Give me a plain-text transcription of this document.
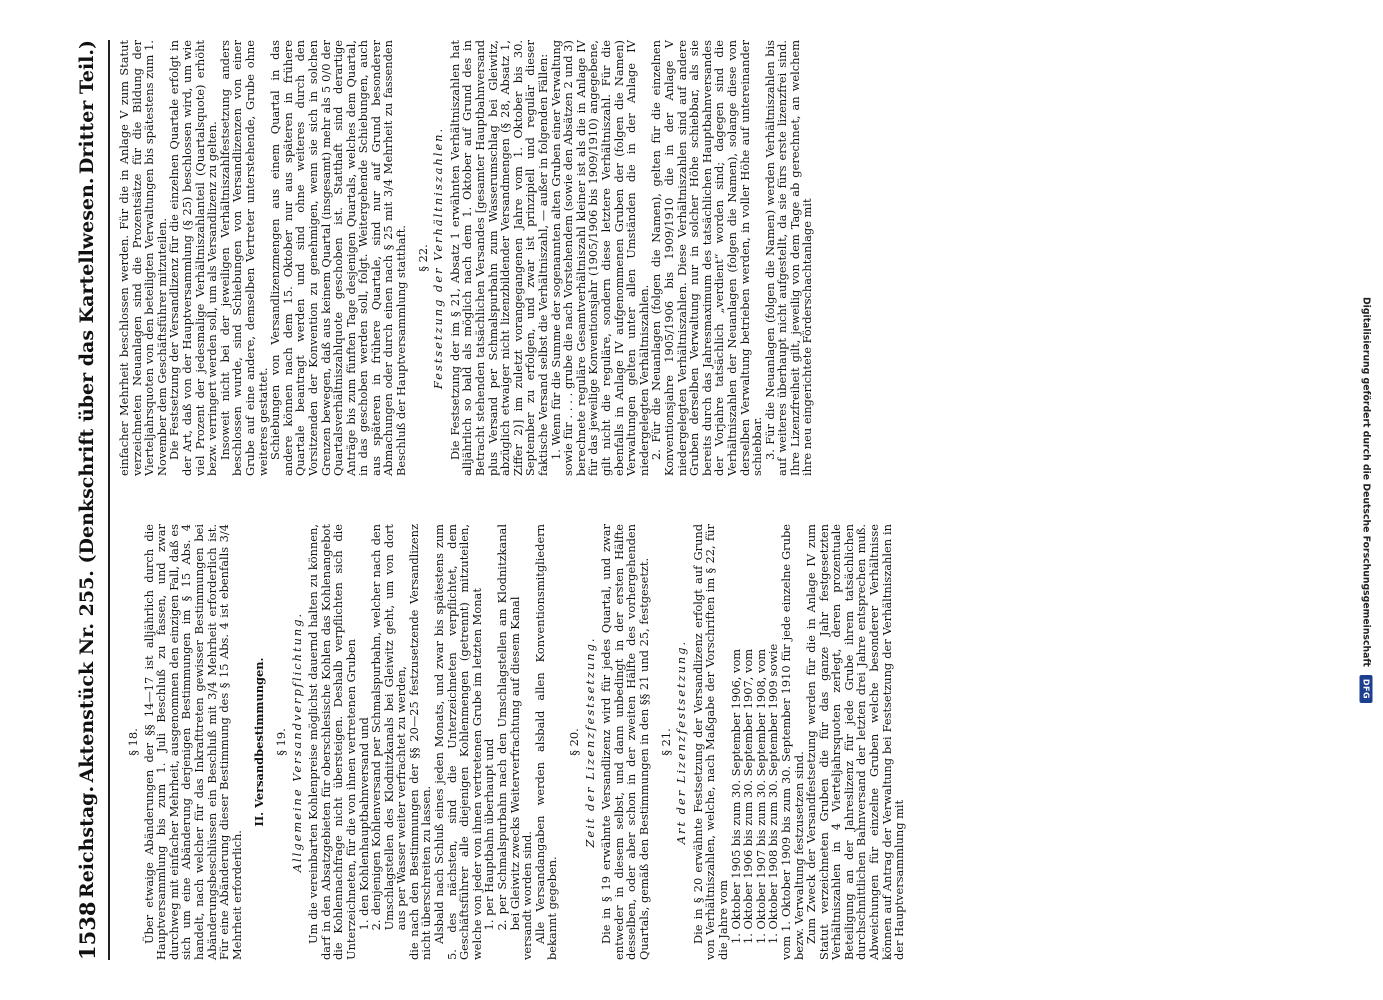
1538
Reichstag.
Aktenstück Nr. 255. (Denkschrift über das Kartellwesen.
Dritter Teil.)
§ 18. Über etwaige Abänderungen der §§ 14—17 ist alljährlich durch die Hauptversammlung bis zum 1. Juli Beschluß zu fassen, und zwar durchweg mit einfacher Mehrheit, ausgenommen den einzigen Fall, daß es sich um eine Abänderung derjenigen Bestimmungen im § 15 Abs. 4 handelt, nach welcher für das Inkrafttreten gewisser Bestimmungen bei Abänderungsbeschlüssen ein Beschluß mit 3/4 Mehrheit erforderlich ist. Für eine Abänderung dieser Bestimmung des § 15 Abs. 4 ist ebenfalls 3/4 Mehrheit erforderlich.

II. Versandbestimmungen. § 19. Allgemeine Versandverpflichtung. Um die vereinbarten Kohlenpreise möglichst dauernd halten zu können, darf in den Absatzgebieten für oberschlesische Kohlen das Kohlenangebot die Kohlennachfrage nicht übersteigen. Deshalb verpflichten sich die Unterzeichneten, für die von ihnen vertretenen Gruben

1. den Kohlenhauptbahnversand und

2. denjenigen Kohlenversand per Schmalspurbahn, welcher nach den Umschlagstellen des Klodnitzkanals bei Gleiwitz geht, um von dort aus per Wasser weiter verfrachtet zu werden,

die nach den Bestimmungen der §§ 20—25 festzusetzende Versandlizenz nicht überschreiten zu lassen.

Alsbald nach Schluß eines jeden Monats, und zwar bis spätestens zum 5. des nächsten, sind die Unterzeichneten verpflichtet, dem Geschäftsführer alle diejenigen Kohlenmengen (getrennt) mitzuteilen, welche von jeder von ihnen vertretenen Grube im letzten Monat

1. per Hauptbahn überhaupt und

2. per Schmalspurbahn nach den Umschlagstellen am Klodnitzkanal bei Gleiwitz zwecks Weiterverfrachtung auf diesem Kanal

versandt worden sind.

Alle Versandangaben werden alsbald allen Konventionsmitgliedern bekannt gegeben.

§ 20. Zeit der Lizenzfestsetzung. Die in § 19 erwähnte Versandlizenz wird für jedes Quartal, und zwar entweder in diesem selbst, und dann unbedingt in der ersten Hälfte desselben, oder aber schon in der zweiten Hälfte des vorhergehenden Quartals, gemäß den Bestimmungen in den §§ 21 und 25, festgesetzt. § 21. Art der Lizenzfestsetzung. Die in § 20 erwähnte Festsetzung der Versandlizenz erfolgt auf Grund von Verhältniszahlen, welche, nach Maßgabe der Vorschriften im § 22, für die Jahre vom

1. Oktober 1905 bis zum 30. September 1906, vom

1. Oktober 1906 bis zum 30. September 1907, vom

1. Oktober 1907 bis zum 30. September 1908, vom

1. Oktober 1908 bis zum 30. September 1909 sowie

vom 1. Oktober 1909 bis zum 30. September 1910 für jede einzelne Grube bezw. Verwaltung festzusetzen sind.

Zum Zweck der Versandfestsetzung werden für die in Anlage IV zum Statut verzeichneten Gruben die für das ganze Jahr festgesetzten Verhältniszahlen in 4 Vierteljahrsquoten zerlegt, deren prozentuale Beteiligung an der Jahreslizenz für jede Grube ihrem tatsächlichen durchschnittlichen Bahnversand der letzten drei Jahre entsprechen muß. Abweichungen für einzelne Gruben welche besonderer Verhältnisse können auf Antrag der Verwaltung bei Festsetzung der Verhältniszahlen in der Hauptversammlung mit

einfacher Mehrheit beschlossen werden. Für die in Anlage V zum Statut verzeichneten Neuanlagen sind die Prozentsätze für die Bildung der Vierteljahrsquoten von den beteiligten Verwaltungen bis spätestens zum 1. November dem Geschäftsführer mitzuteilen.

Die Festsetzung der Versandlizenz für die einzelnen Quartale erfolgt in der Art, daß von der Hauptversammlung (§ 25) beschlossen wird, um wie viel Prozent der jedesmalige Verhältniszahlanteil (Quartalsquote) erhöht bezw. verringert werden soll, um als Versandlizenz zu gelten.

Insoweit nicht bei der jeweiligen Verhältniszahlfestsetzung anders beschlossen wurde, sind Schiebungen von Versandlizenzen von einer Grube auf eine andere, demselben Vertreter unterstehende, Grube ohne weiteres gestattet.

Schiebungen von Versandlizenzmengen aus einem Quartal in das andere können nach dem 15. Oktober nur aus späteren in frühere Quartale beantragt werden und sind ohne weiteres durch den Vorsitzenden der Konvention zu genehmigen, wenn sie sich in solchen Grenzen bewegen, daß aus keinem Quartal (insgesamt) mehr als 5 0/0 der Quartalsverhältniszahlquote geschoben ist. Statthaft sind derartige Anträge bis zum fünften Tage desjenigen Quartals, welches dem Quartal, in das geschoben werden soll, folgt. Weitergehende Schiebungen, auch aus späteren in frühere Quartale, sind nur auf Grund besonderer Abmachungen oder durch einen nach § 25 mit 3/4 Mehrheit zu fassenden Beschluß der Hauptversammlung statthaft. § 22. Festsetzung der Verhältniszahlen. Die Festsetzung der im § 21, Absatz 1 erwähnten Verhältniszahlen hat alljährlich so bald als möglich nach dem 1. Oktober auf Grund des in Betracht stehenden tatsächlichen Versandes [gesamter Hauptbahnversand plus Versand per Schmalspurbahn zum Wasserumschlag bei Gleiwitz, abzüglich etwaiger nicht lizenzbildender Versandmengen (§ 28, Absatz 1, Ziffer 2)] im zuletzt vorangegangenen Jahre vom 1. Oktober bis 30. September zu erfolgen, und zwar ist prinzipiell und regulär dieser faktische Versand selbst die Verhältniszahl, — außer in folgenden Fällen:

1. Wenn für die Summe der sogenannten alten Gruben einer Verwaltung sowie für . . . . grube die nach Vorstehendem (sowie den Absätzen 2 und 3) berechnete reguläre Gesamtverhältniszahl kleiner ist als die in Anlage IV für das jeweilige Konventionsjahr (1905/1906 bis 1909/1910) angegebene, gilt nicht die reguläre, sondern diese letztere Verhältniszahl. Für die ebenfalls in Anlage IV aufgenommenen Gruben der (folgen die Namen) Verwaltungen gelten unter allen Umständen die in der Anlage IV niedergelegten Verhältniszahlen.

2. Für die Neuanlagen (folgen die Namen), gelten für die einzelnen Konventionsjahre 1905/1906 bis 1909/1910 die in der Anlage V niedergelegten Verhältniszahlen. Diese Verhältniszahlen sind auf andere Gruben derselben Verwaltung nur in solcher Höhe schiebbar, als sie bereits durch das Jahresmaximum des tatsächlichen Hauptbahnversandes der Vorjahre tatsächlich „verdient“ worden sind; dagegen sind die Verhältniszahlen der Neuanlagen (folgen die Namen), solange diese von derselben Verwaltung betrieben werden, in voller Höhe auf untereinander schiebbar.

3. Für die Neuanlagen (folgen die Namen) werden Verhältniszahlen bis auf weiteres überhaupt nicht aufgestellt, da sie fürs erste lizenzfrei sind. Ihre Lizenzfreiheit gilt, jeweilig von dem Tage ab gerechnet, an welchem ihre neu eingerichtete Förderschachtanlage mit	Digitalisierung gefördert durch die Deutsche Forschungsgemeinschaft
DFG
